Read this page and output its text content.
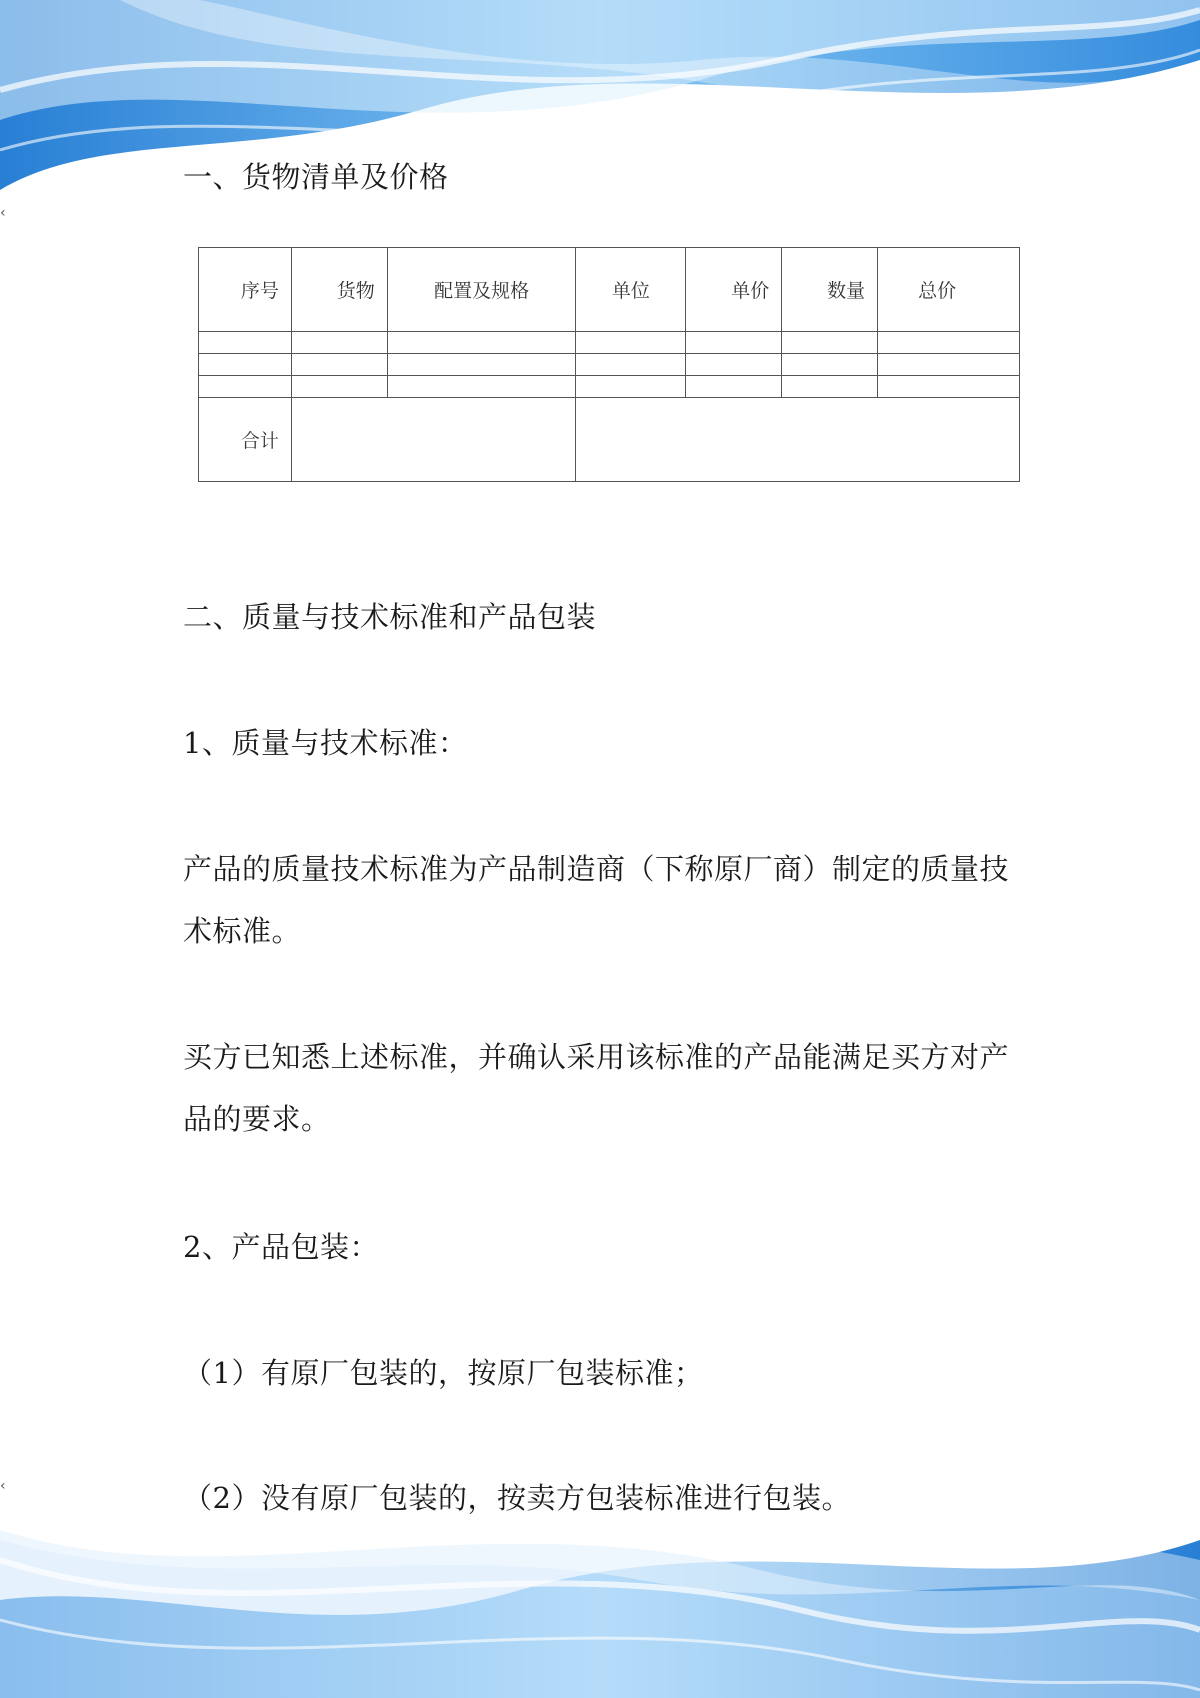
‹
‹
一、货物清单及价格
序号	货物	配置及规格	单位	单价	数量	总价

合计						
二、质量与技术标准和产品包装
1、质量与技术标准：
产品的质量技术标准为产品制造商（下称原厂商）制定的质量技术标准。
买方已知悉上述标准，并确认采用该标准的产品能满足买方对产品的要求。
2、产品包装：
（1）有原厂包装的，按原厂包装标准；
（2）没有原厂包装的，按卖方包装标准进行包装。
